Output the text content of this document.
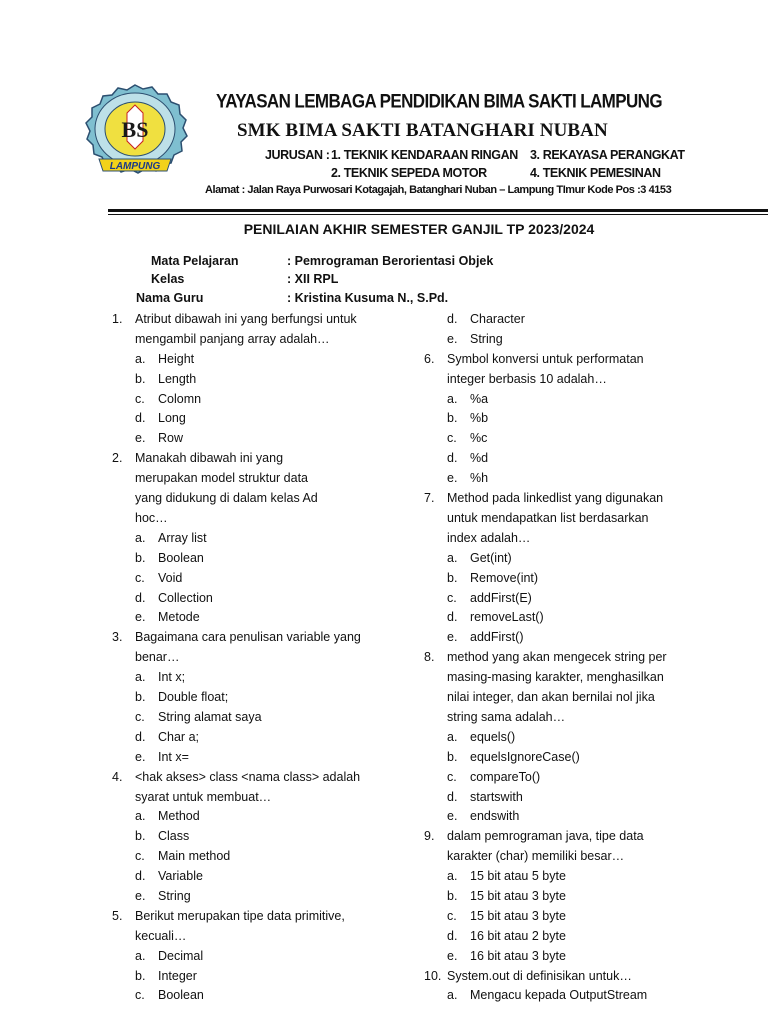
BS
LAMPUNG
YAYASAN LEMBAGA PENDIDIKAN BIMA SAKTI LAMPUNG
SMK BIMA SAKTI BATANGHARI NUBAN
JURUSAN : 1. TEKNIK KENDARAAN RINGAN 3. REKAYASA PERANGKAT
2. TEKNIK SEPEDA MOTOR	4. TEKNIK PEMESINAN
Alamat : Jalan Raya Purwosari Kotagajah, Batanghari Nuban – Lampung TImur Kode Pos :3 4153
PENILAIAN AKHIR SEMESTER GANJIL TP 2023/2024
Mata Pelajaran	: Pemrograman Berorientasi Objek
Kelas	: XII RPL
Nama Guru	: Kristina Kusuma N., S.Pd.
1.	Atribut dibawah ini yang berfungsi untuk
mengambil panjang array adalah…
a.	Height
b.	Length
c.	Colomn
d.	Long
e.	Row
2.	Manakah dibawah ini yang
merupakan model struktur data
yang didukung di dalam kelas Ad
hoc…
a.	Array list
b.	Boolean
c.	Void
d.	Collection
e.	Metode
3.	Bagaimana cara penulisan variable yang
benar…
a.	Int x;
b.	Double float;
c.	String alamat saya
d.	Char a;
e.	Int x=
4.	<hak akses> class <nama class> adalah
syarat untuk membuat…
a.	Method
b.	Class
c.	Main method
d.	Variable
e.	String
5.	Berikut merupakan tipe data primitive,
kecuali…
a.	Decimal
b.	Integer
c.	Boolean
d.	Character
e.	String
6.	Symbol konversi untuk performatan
integer berbasis 10 adalah…
a.	%a
b.	%b
c.	%c
d.	%d
e.	%h
7.	Method pada linkedlist yang digunakan
untuk mendapatkan list berdasarkan
index adalah…
a.	Get(int)
b.	Remove(int)
c.	addFirst(E)
d.	removeLast()
e.	addFirst()
8.	method yang akan mengecek string per
masing-masing karakter, menghasilkan
nilai integer, dan akan bernilai nol jika
string sama adalah…
a.	equels()
b.	equelsIgnoreCase()
c.	compareTo()
d.	startswith
e.	endswith
9.	dalam pemrograman java, tipe data
karakter (char) memiliki besar…
a.	15 bit atau 5 byte
b.	15 bit atau 3 byte
c.	15 bit atau 3 byte
d.	16 bit atau 2 byte
e.	16 bit atau 3 byte
10. System.out di definisikan untuk…
a.	Mengacu kepada OutputStream
